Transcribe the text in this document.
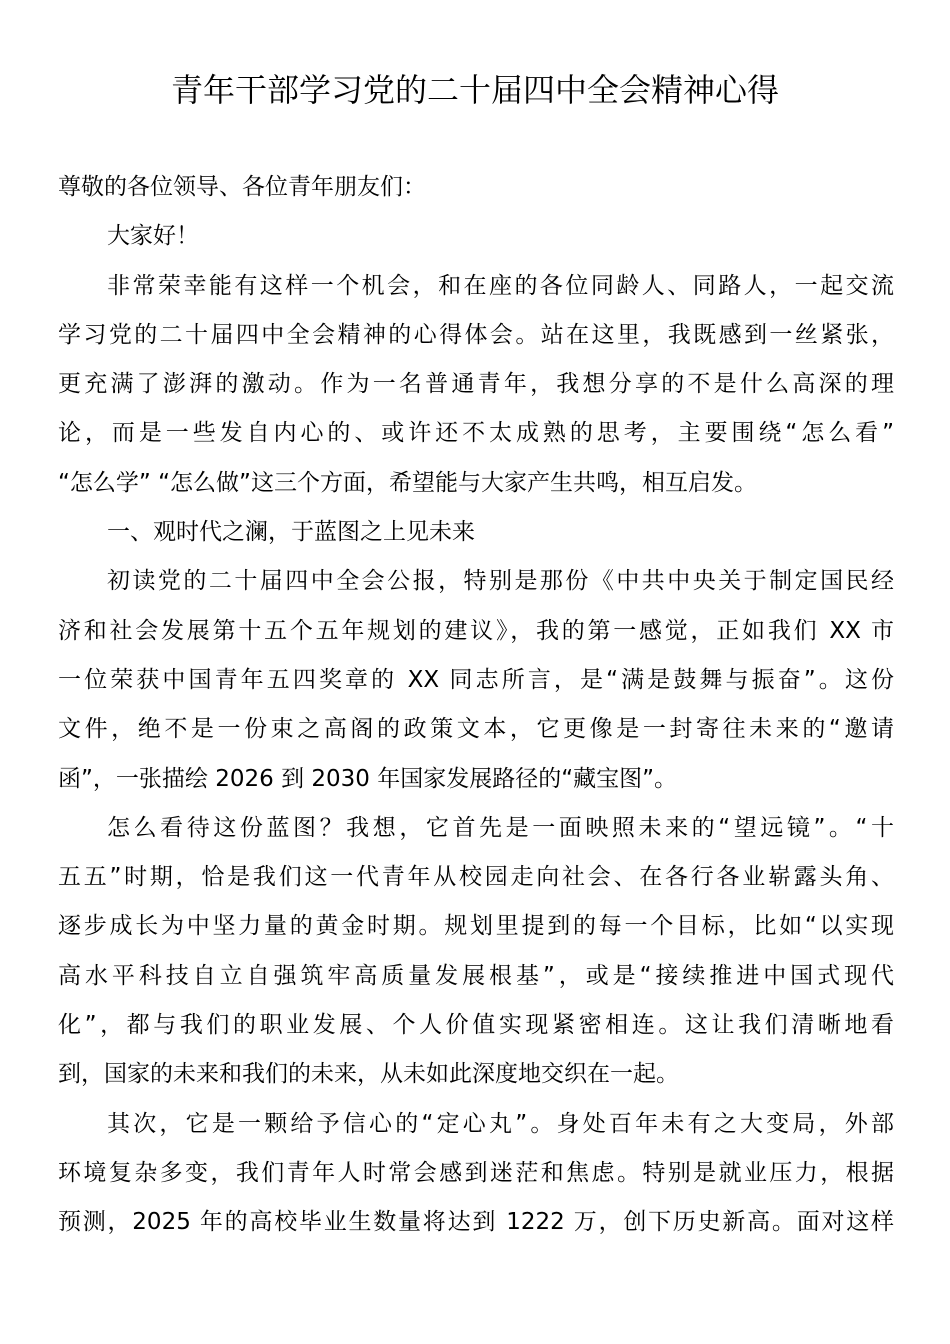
青年干部学习党的二十届四中全会精神心得
尊敬的各位领导、各位青年朋友们：
大家好！
非常荣幸能有这样一个机会，和在座的各位同龄人、同路人，一起交流
学习党的二十届四中全会精神的心得体会。站在这里，我既感到一丝紧张，
更充满了澎湃的激动。作为一名普通青年，我想分享的不是什么高深的理
论，而是一些发自内心的、或许还不太成熟的思考，主要围绕“怎么看”
“怎么学” “怎么做”这三个方面，希望能与大家产生共鸣，相互启发。
一、观时代之澜，于蓝图之上见未来
初读党的二十届四中全会公报，特别是那份《中共中央关于制定国民经
济和社会发展第十五个五年规划的建议》，我的第一感觉，正如我们 XX 市
一位荣获中国青年五四奖章的 XX 同志所言，是“满是鼓舞与振奋”。这份
文件，绝不是一份束之高阁的政策文本，它更像是一封寄往未来的“邀请
函”，一张描绘 2026 到 2030 年国家发展路径的“藏宝图”。
怎么看待这份蓝图？我想，它首先是一面映照未来的“望远镜”。“十
五五”时期，恰是我们这一代青年从校园走向社会、在各行各业崭露头角、
逐步成长为中坚力量的黄金时期。规划里提到的每一个目标，比如“以实现
高水平科技自立自强筑牢高质量发展根基”，或是“接续推进中国式现代
化”，都与我们的职业发展、个人价值实现紧密相连。这让我们清晰地看
到，国家的未来和我们的未来，从未如此深度地交织在一起。
其次，它是一颗给予信心的“定心丸”。身处百年未有之大变局，外部
环境复杂多变，我们青年人时常会感到迷茫和焦虑。特别是就业压力，根据
预测，2025 年的高校毕业生数量将达到 1222 万，创下历史新高。面对这样
